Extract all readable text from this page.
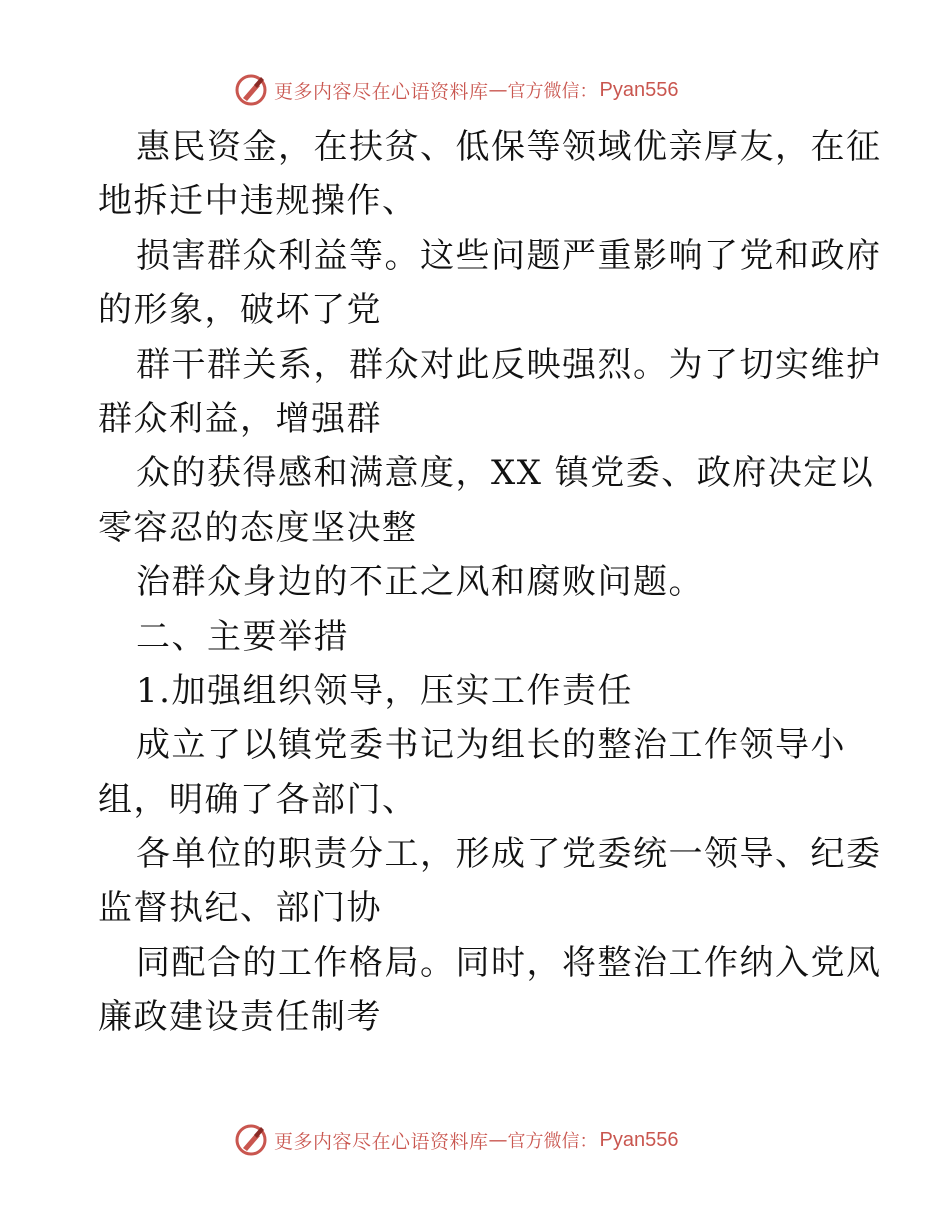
更多内容尽在心语资料库 — 官方微信： Pyan556
惠民资金，在扶贫、低保等领域优亲厚友，在征
地拆迁中违规操作、
损害群众利益等。这些问题严重影响了党和政府
的形象，破坏了党
群干群关系，群众对此反映强烈。为了切实维护
群众利益，增强群
众的获得感和满意度，XX 镇党委、政府决定以
零容忍的态度坚决整
治群众身边的不正之风和腐败问题。
二、主要举措
1.加强组织领导，压实工作责任
成立了以镇党委书记为组长的整治工作领导小
组，明确了各部门、
各单位的职责分工，形成了党委统一领导、纪委
监督执纪、部门协
同配合的工作格局。同时，将整治工作纳入党风
廉政建设责任制考
更多内容尽在心语资料库 — 官方微信： Pyan556
